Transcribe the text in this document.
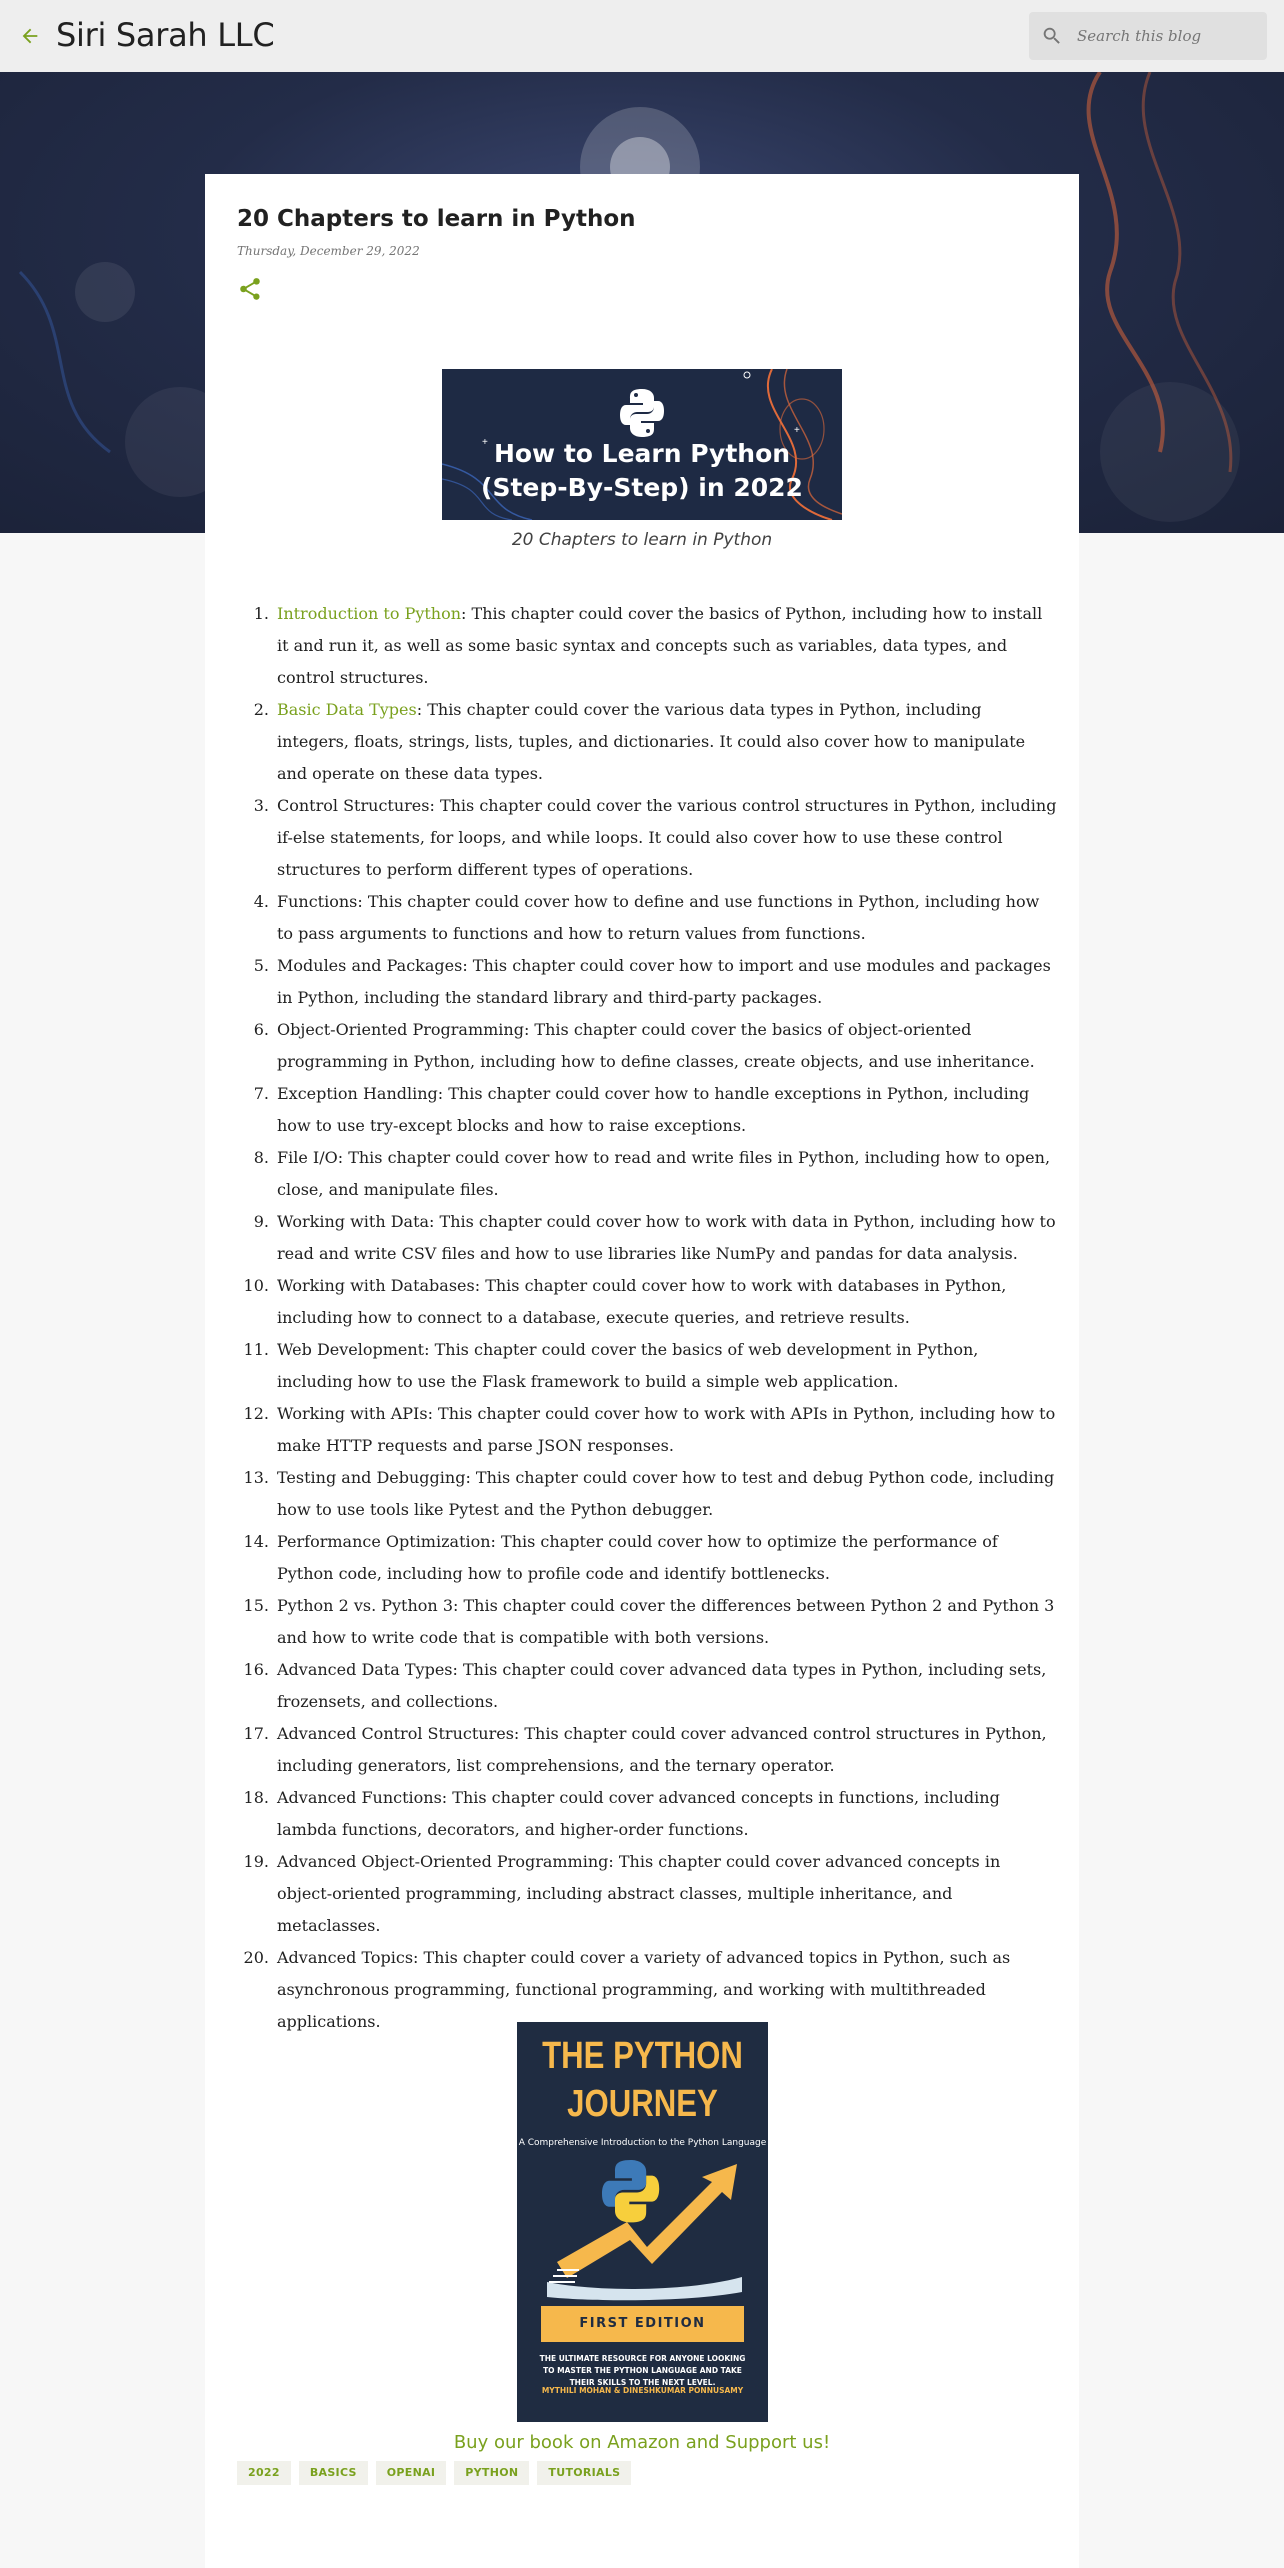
Siri Sarah LLC
Search this blog
20 Chapters to learn in Python
Thursday, December 29, 2022
+
+
How to Learn Python
(Step-By-Step) in 2022
20 Chapters to learn in Python
1. Introduction to Python: This chapter could cover the basics of Python, including how to install it and run it, as well as some basic syntax and concepts such as variables, data types, and control structures.
2. Basic Data Types: This chapter could cover the various data types in Python, including integers, floats, strings, lists, tuples, and dictionaries. It could also cover how to manipulate and operate on these data types.
3. Control Structures: This chapter could cover the various control structures in Python, including if-else statements, for loops, and while loops. It could also cover how to use these control structures to perform different types of operations.
4. Functions: This chapter could cover how to define and use functions in Python, including how to pass arguments to functions and how to return values from functions.
5. Modules and Packages: This chapter could cover how to import and use modules and packages in Python, including the standard library and third-party packages.
6. Object-Oriented Programming: This chapter could cover the basics of object-oriented programming in Python, including how to define classes, create objects, and use inheritance.
7. Exception Handling: This chapter could cover how to handle exceptions in Python, including how to use try-except blocks and how to raise exceptions.
8. File I/O: This chapter could cover how to read and write files in Python, including how to open, close, and manipulate files.
9. Working with Data: This chapter could cover how to work with data in Python, including how to read and write CSV files and how to use libraries like NumPy and pandas for data analysis.
10. Working with Databases: This chapter could cover how to work with databases in Python, including how to connect to a database, execute queries, and retrieve results.
11. Web Development: This chapter could cover the basics of web development in Python, including how to use the Flask framework to build a simple web application.
12. Working with APIs: This chapter could cover how to work with APIs in Python, including how to make HTTP requests and parse JSON responses.
13. Testing and Debugging: This chapter could cover how to test and debug Python code, including how to use tools like Pytest and the Python debugger.
14. Performance Optimization: This chapter could cover how to optimize the performance of Python code, including how to profile code and identify bottlenecks.
15. Python 2 vs. Python 3: This chapter could cover the differences between Python 2 and Python 3 and how to write code that is compatible with both versions.
16. Advanced Data Types: This chapter could cover advanced data types in Python, including sets, frozensets, and collections.
17. Advanced Control Structures: This chapter could cover advanced control structures in Python, including generators, list comprehensions, and the ternary operator.
18. Advanced Functions: This chapter could cover advanced concepts in functions, including lambda functions, decorators, and higher-order functions.
19. Advanced Object-Oriented Programming: This chapter could cover advanced concepts in object-oriented programming, including abstract classes, multiple inheritance, and metaclasses.
20. Advanced Topics: This chapter could cover a variety of advanced topics in Python, such as asynchronous programming, functional programming, and working with multithreaded applications.
THE PYTHON
JOURNEY
A Comprehensive Introduction to the Python Language
FIRST EDITION
THE ULTIMATE RESOURCE FOR ANYONE LOOKING TO MASTER THE PYTHON LANGUAGE AND TAKE THEIR SKILLS TO THE NEXT LEVEL.
MYTHILI MOHAN & DINESHKUMAR PONNUSAMY
Buy our book on Amazon and Support us!
2022	BASICS	OPENAI	PYTHON	TUTORIALS
